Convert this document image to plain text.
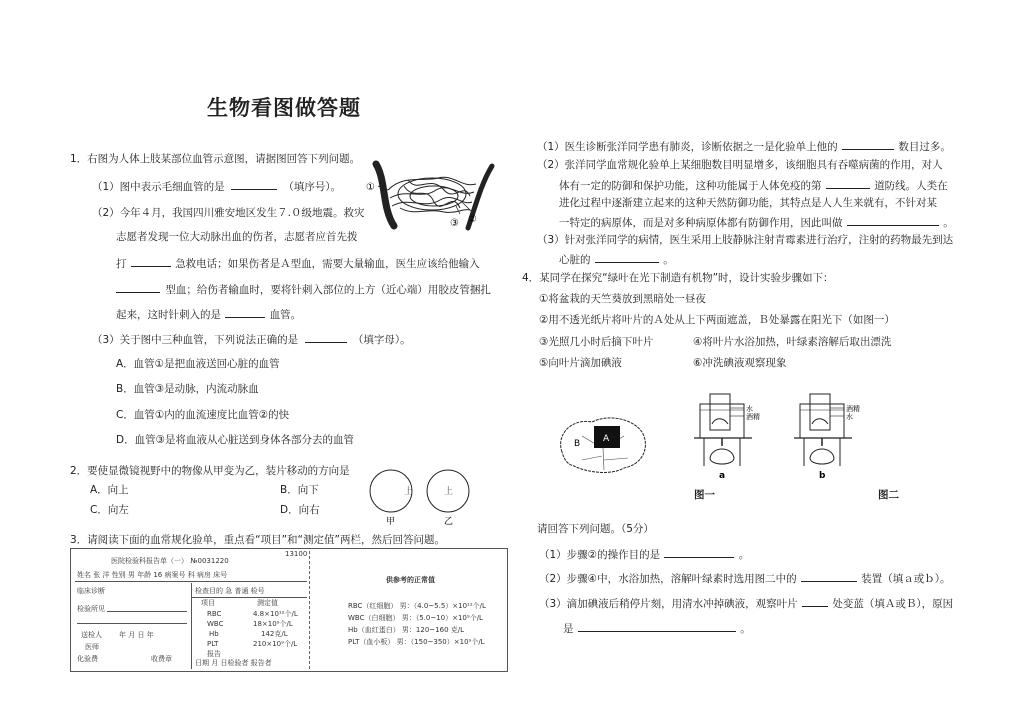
生物看图做答题
1．右图为人体上肢某部位血管示意图，请据图回答下列问题。
（1）图中表示毛细血管的是	（填序号）。
（2）今年４月，我国四川雅安地区发生７.０级地震。救灾
志愿者发现一位大动脉出血的伤者，志愿者应首先拨
打	急救电话；如果伤者是Ａ型血，需要大量输血，医生应该给他输入
型血；给伤者输血时，要将针刺入部位的上方（近心端）用胶皮管捆扎
起来，这时针刺入的是	血管。
（3）关于图中三种血管，下列说法正确的是	（填字母）。
A．血管①是把血液送回心脏的血管
B．血管③是动脉，内流动脉血
C．血管①内的血流速度比血管②的快
D．血管③是将血液从心脏送到身体各部分去的血管
①
③ ②
2．要使显微镜视野中的物像从甲变为乙，装片移动的方向是
A．向上	B．向下
C．向左	D．向右
上	上
甲	乙
3．请阅读下面的血常规化验单，重点看“项目”和“测定值”两栏，然后回答问题。
医院检验科报告单（一） №0031220
13100
姓名 张 洋 性别 男 年龄 16 病案号 科 病房 床号
临床诊断	检查目的 急 普通 检号
项目	测定值
RBC	4.8×10¹²个/L
WBC	18×10⁹个/L
Hb	142克/L
PLT	210×10⁹个/L
报告
检验所见
送检人 年 月 日 年
医师
化验费	收费章	日期 月 日检验者 报告者
供参考的正常值
RBC（红细胞） 男：（4.0~5.5）×10¹²个/L
WBC（白细胞） 男：（5.0~10）×10⁹个/L
Hb（血红蛋白） 男：120~160 克/L
PLT（血小板） 男：（150~350）×10⁹个/L
（1）医生诊断张洋同学患有肺炎，诊断依据之一是化验单上他的	数目过多。
（2）张洋同学血常规化验单上某细胞数目明显增多，该细胞具有吞噬病菌的作用，对人
体有一定的防御和保护功能，这种功能属于人体免疫的第	道防线。人类在
进化过程中逐渐建立起来的这种天然防御功能，其特点是人人生来就有，不针对某
一特定的病原体，而是对多种病原体都有防御作用，因此叫做	。
（3）针对张洋同学的病情，医生采用上肢静脉注射青霉素进行治疗，注射的药物最先到达
心脏的	。
4．某同学在探究“绿叶在光下制造有机物”时，设计实验步骤如下：
①将盆栽的天竺葵放到黑暗处一昼夜
②用不透光纸片将叶片的Ａ处从上下两面遮盖，Ｂ处暴露在阳光下（如图一）
③光照几小时后摘下叶片	④将叶片水浴加热，叶绿素溶解后取出漂洗
⑤向叶片滴加碘液	⑥冲洗碘液观察现象
A
B
水
酒精
a
酒精
水
b
图一	图二
请回答下列问题。（5分）
（1）步骤②的操作目的是	。
（2）步骤④中，水浴加热，溶解叶绿素时选用图二中的	装置（填ａ或ｂ）。
（3）滴加碘液后稍停片刻，用清水冲掉碘液，观察叶片	处变蓝（填Ａ或Ｂ），原因
是	。
